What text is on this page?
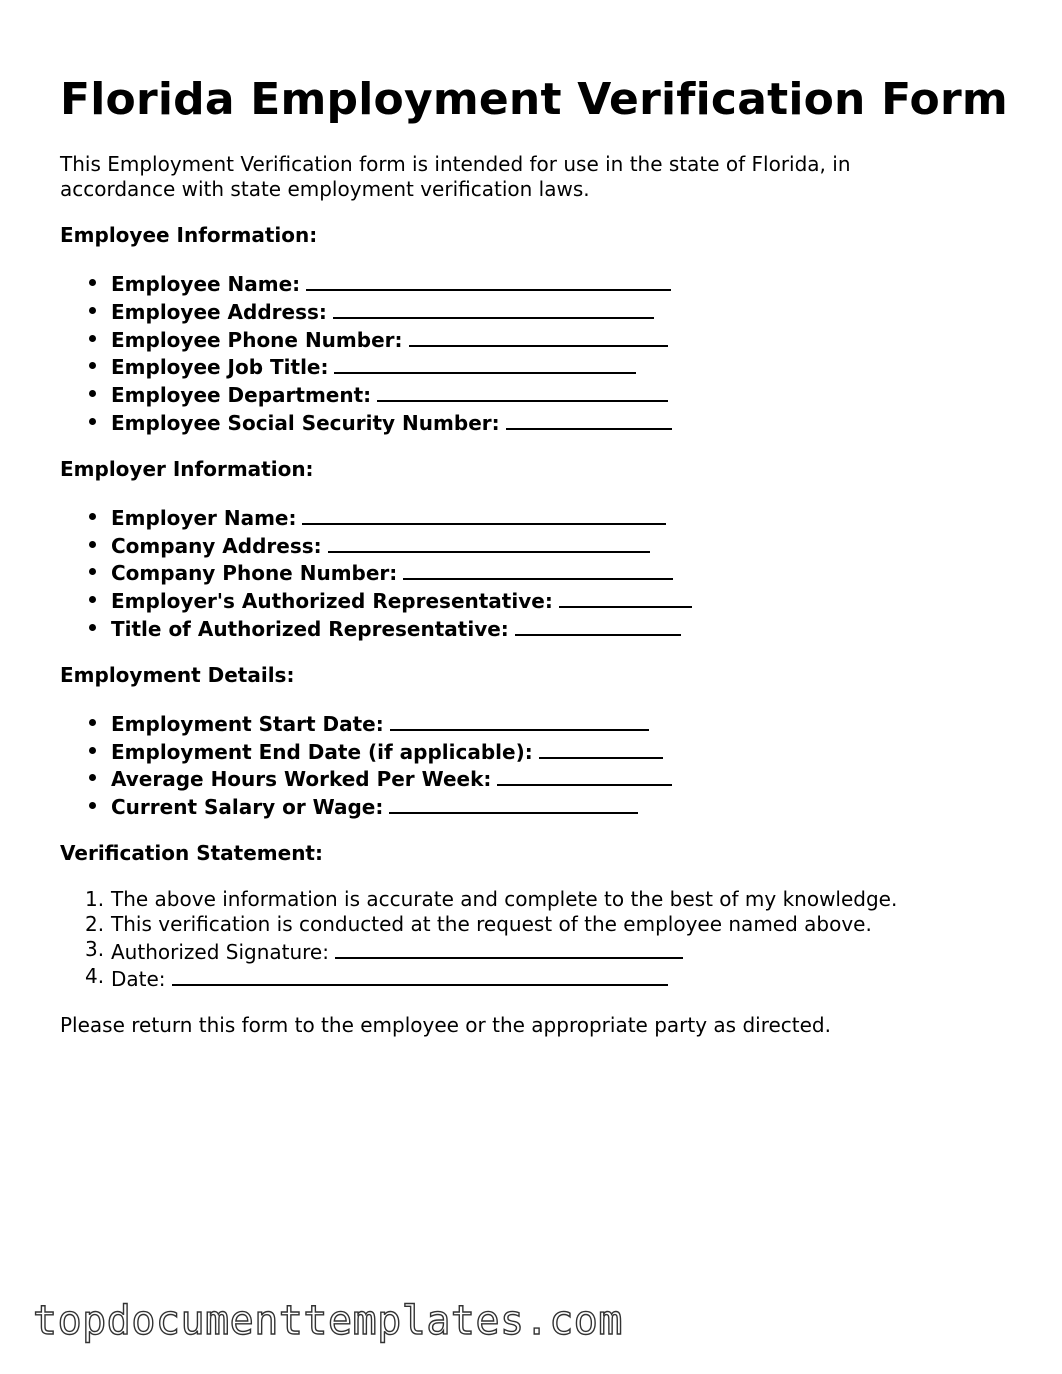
Florida Employment Verification Form

This Employment Verification form is intended for use in the state of Florida, in accordance with state employment verification laws.

Employee Information:
Employee Name:
Employee Address:
Employee Phone Number:
Employee Job Title:
Employee Department:
Employee Social Security Number:
Employer Information:
Employer Name:
Company Address:
Company Phone Number:
Employer's Authorized Representative:
Title of Authorized Representative:
Employment Details:
Employment Start Date:
Employment End Date (if applicable):
Average Hours Worked Per Week:
Current Salary or Wage:
Verification Statement:
1. The above information is accurate and complete to the best of my knowledge.
2. This verification is conducted at the request of the employee named above.
3. Authorized Signature:
4. Date:

Please return this form to the employee or the appropriate party as directed.

topdocumenttemplates.com
